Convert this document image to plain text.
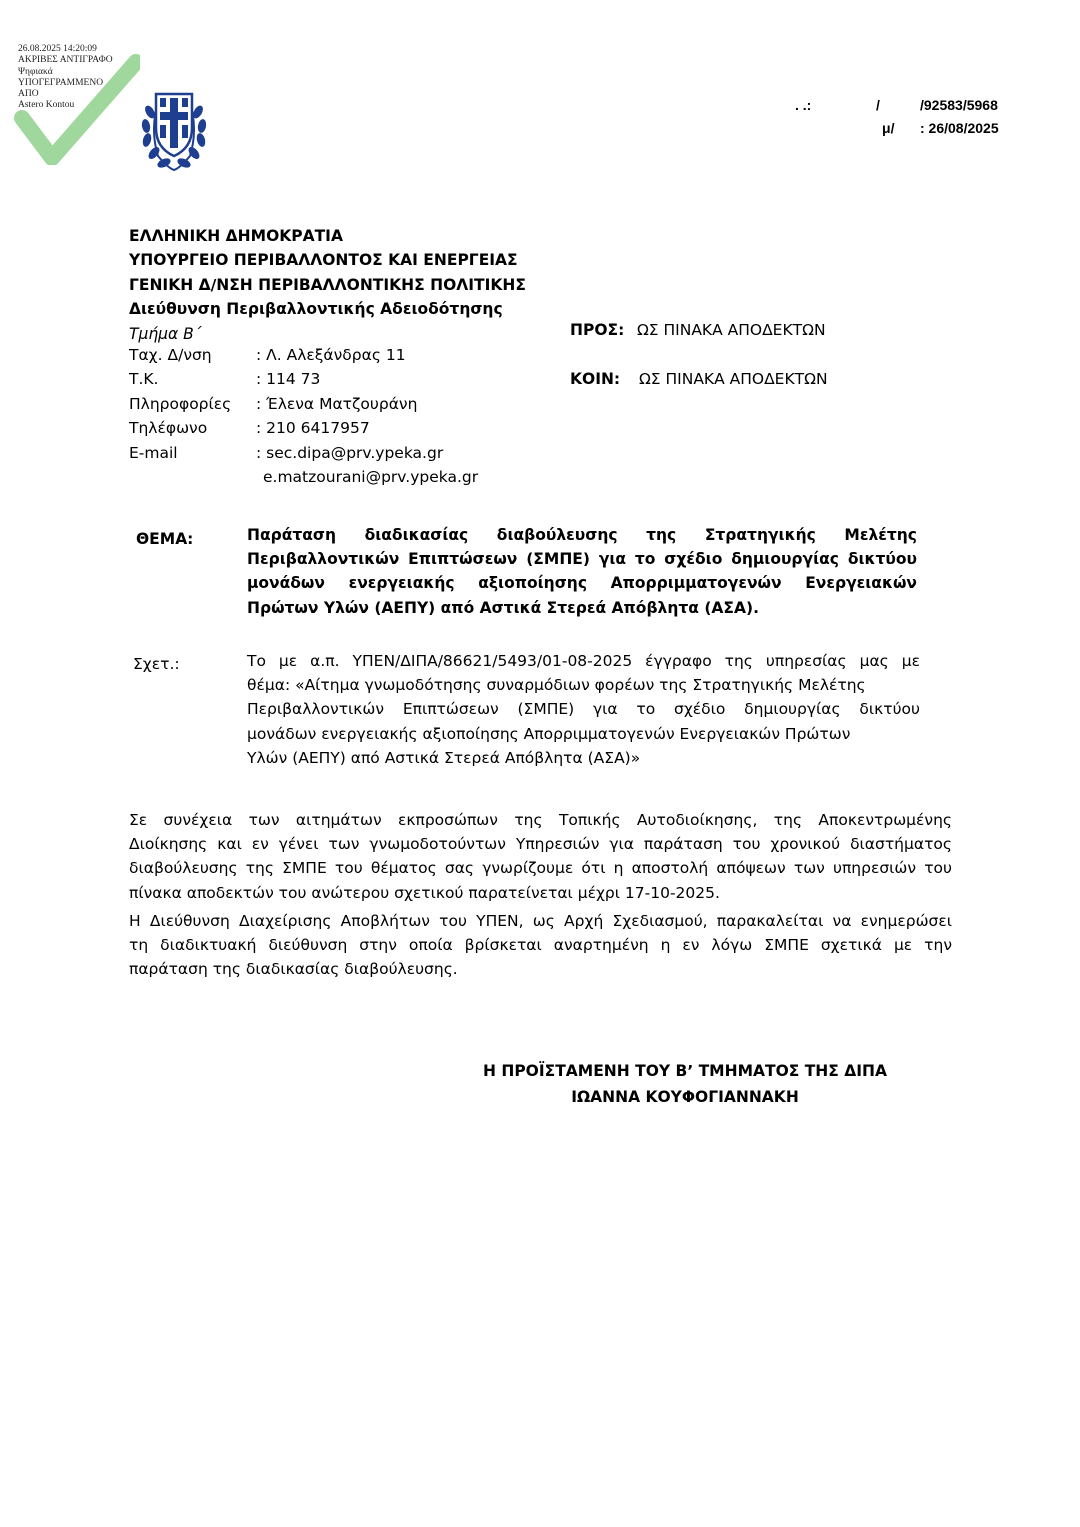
26.08.2025 14:20:09
ΑΚΡΙΒΕΣ ΑΝΤΙΓΡΑΦΟ
Ψηφιακά
ΥΠΟΓΕΓΡΑΜΜΕΝΟ
ΑΠΟ
Astero Kontou	. .:	/	/92583/5968
μ/ : 26/08/2025
ΕΛΛΗΝΙΚΗ ΔΗΜΟΚΡΑΤΙΑ
ΥΠΟΥΡΓΕΙΟ ΠΕΡΙΒΑΛΛΟΝΤΟΣ ΚΑΙ ΕΝΕΡΓΕΙΑΣ
ΓΕΝΙΚΗ Δ/ΝΣΗ ΠΕΡΙΒΑΛΛΟΝΤΙΚΗΣ ΠΟΛΙΤΙΚΗΣ
Διεύθυνση Περιβαλλοντικής Αδειοδότησης
Τμήμα Β΄
Ταχ. Δ/νση	: Λ. Αλεξάνδρας 11
Τ.Κ.	: 114 73
Πληροφορίες : Έλενα Ματζουράνη
Τηλέφωνο	: 210 6417957
E-mail	: sec.dipa@prv.ypeka.gr
e.matzourani@prv.ypeka.gr
ΠΡΟΣ: ΩΣ ΠΙΝΑΚΑ ΑΠΟΔΕΚΤΩΝ
ΚΟΙΝ: ΩΣ ΠΙΝΑΚΑ ΑΠΟΔΕΚΤΩΝ
ΘΕΜΑ:	Παράταση διαδικασίας διαβούλευσης της Στρατηγικής Μελέτης Περιβαλλοντικών Επιπτώσεων (ΣΜΠΕ) για το σχέδιο δημιουργίας δικτύου μονάδων ενεργειακής αξιοποίησης Απορριμματογενών Ενεργειακών Πρώτων Υλών (ΑΕΠΥ) από Αστικά Στερεά Απόβλητα (ΑΣΑ).
Σχετ.:	Το με α.π. ΥΠΕΝ/ΔΙΠΑ/86621/5493/01-08-2025 έγγραφο της υπηρεσίας μας με
θέμα: «Αίτημα γνωμοδότησης συναρμόδιων φορέων της Στρατηγικής Μελέτης
Περιβαλλοντικών Επιπτώσεων (ΣΜΠΕ) για το σχέδιο δημιουργίας δικτύου
μονάδων ενεργειακής αξιοποίησης Απορριμματογενών Ενεργειακών Πρώτων
Υλών (ΑΕΠΥ) από Αστικά Στερεά Απόβλητα (ΑΣΑ)»
Σε συνέχεια των αιτημάτων εκπροσώπων της Τοπικής Αυτοδιοίκησης, της Αποκεντρωμένης
Διοίκησης και εν γένει των γνωμοδοτούντων Υπηρεσιών για παράταση του χρονικού διαστήματος
διαβούλευσης της ΣΜΠΕ του θέματος σας γνωρίζουμε ότι η αποστολή απόψεων των υπηρεσιών του
πίνακα αποδεκτών του ανώτερου σχετικού παρατείνεται μέχρι 17-10-2025.
Η Διεύθυνση Διαχείρισης Αποβλήτων του ΥΠΕΝ, ως Αρχή Σχεδιασμού, παρακαλείται να ενημερώσει
τη διαδικτυακή διεύθυνση στην οποία βρίσκεται αναρτημένη η εν λόγω ΣΜΠΕ σχετικά με την
παράταση της διαδικασίας διαβούλευσης.
Η ΠΡΟΪΣΤΑΜΕΝΗ ΤΟΥ Β’ ΤΜΗΜΑΤΟΣ ΤΗΣ ΔΙΠΑ
ΙΩΑΝΝΑ ΚΟΥΦΟΓΙΑΝΝΑΚΗ
